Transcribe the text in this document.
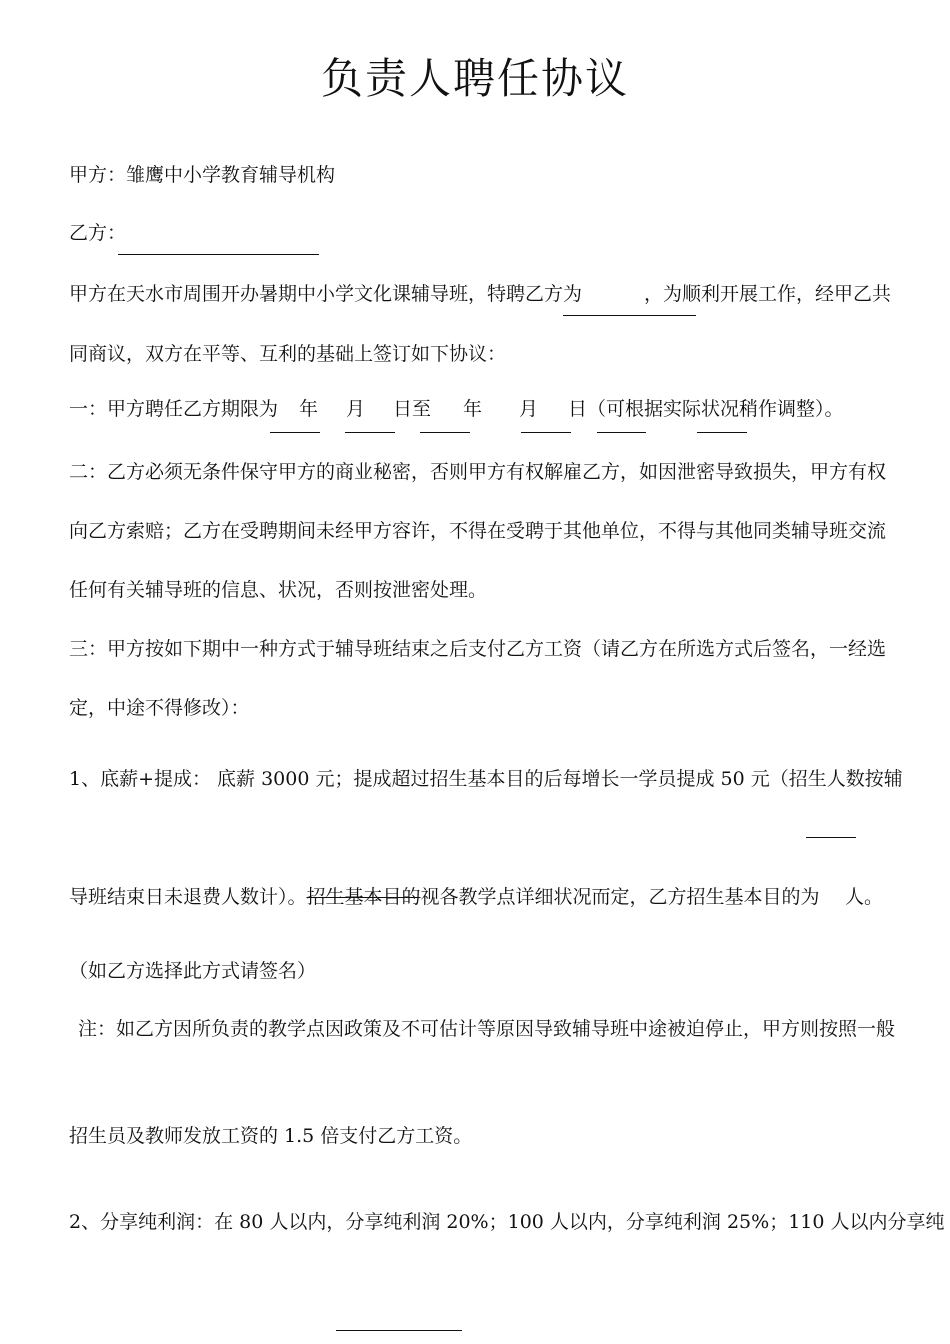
负责人聘任协议
甲方：雏鹰中小学教育辅导机构
乙方：
甲方在天水市周围开办暑期中小学文化课辅导班，特聘乙方为	，为顺利开展工作，经甲乙共
同商议，双方在平等、互利的基础上签订如下协议：
一：甲方聘任乙方期限为 年 月 日至 年 月 日（可根据实际状况稍作调整）。
二：乙方必须无条件保守甲方的商业秘密，否则甲方有权解雇乙方，如因泄密导致损失，甲方有权
向乙方索赔；乙方在受聘期间未经甲方容许，不得在受聘于其他单位，不得与其他同类辅导班交流
任何有关辅导班的信息、状况，否则按泄密处理。
三：甲方按如下期中一种方式于辅导班结束之后支付乙方工资（请乙方在所选方式后签名，一经选
定，中途不得修改）：
1、底薪+提成： 底薪 3000 元；提成超过招生基本目的后每增长一学员提成 50 元（招生人数按辅
导班结束日未退费人数计）。招生基本目的视各教学点详细状况而定，乙方招生基本目的为 人。
（如乙方选择此方式请签名）
注：如乙方因所负责的教学点因政策及不可估计等原因导致辅导班中途被迫停止，甲方则按照一般
招生员及教师发放工资的 1.5 倍支付乙方工资。
2、分享纯利润：在 80 人以内，分享纯利润 20%；100 人以内，分享纯利润 25%；110 人以内分享纯
